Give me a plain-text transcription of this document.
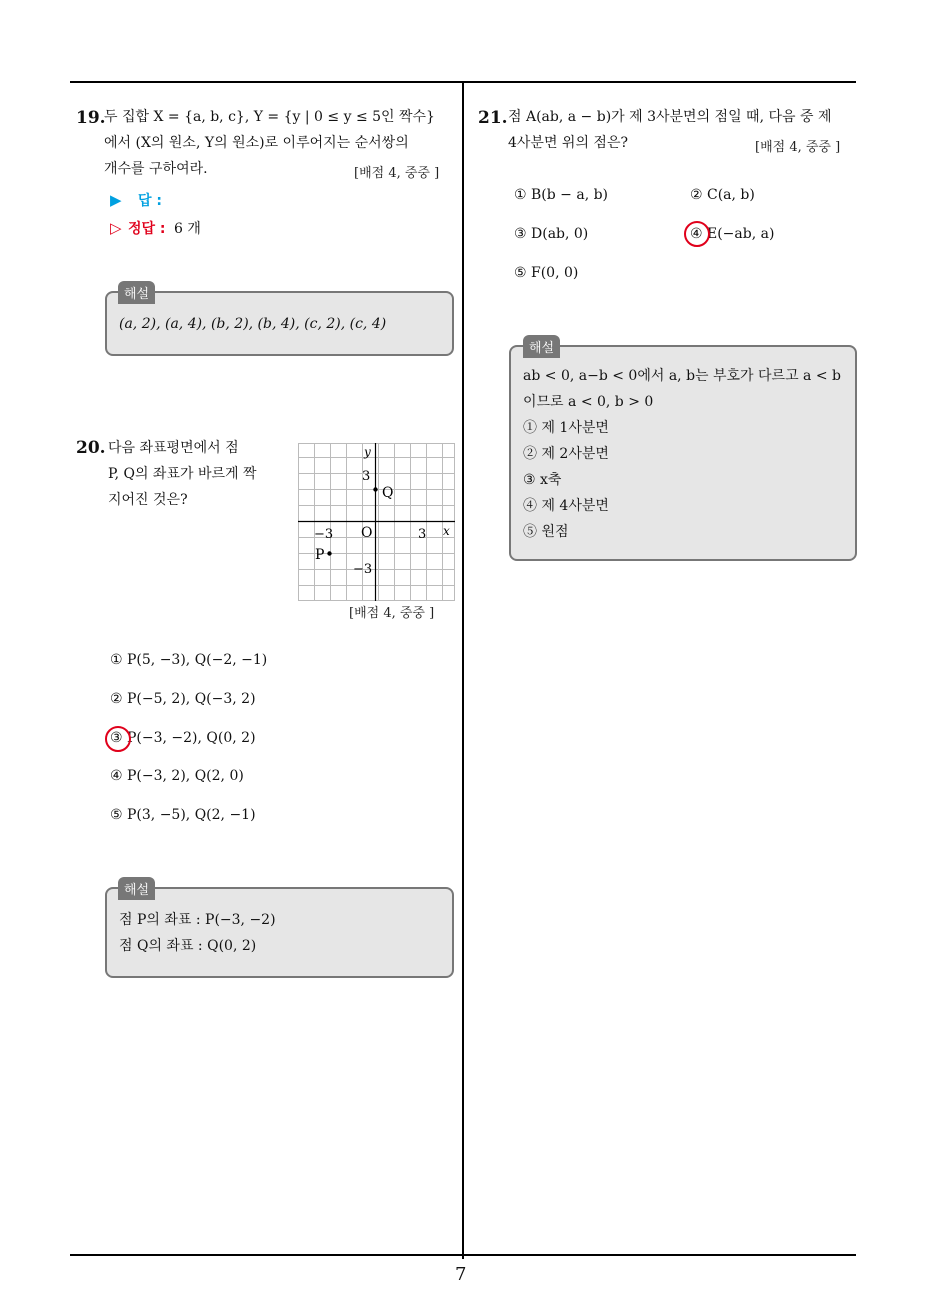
7
19.
두 집합 X = {a, b, c}, Y = {y | 0 ≤ y ≤ 5인 짝수}
에서 (X의 원소, Y의 원소)로 이루어지는 순서쌍의
개수를 구하여라.	[배점 4, 중중 ]
▶ 답 :
▷ 정답 : 6 개
(a, 2), (a, 4), (b, 2), (b, 4), (c, 2), (c, 4)
해설
20. 다음 좌표평면에서 점
P, Q의 좌표가 바르게 짝
지어진 것은?
y
3
Q
−3 O	3 x
P
−3
[배점 4, 중중 ]
① P(5, −3), Q(−2, −1)
② P(−5, 2), Q(−3, 2)
③ P(−3, −2), Q(0, 2)
④ P(−3, 2), Q(2, 0)
⑤ P(3, −5), Q(2, −1)
점 P의 좌표 : P(−3, −2)
점 Q의 좌표 : Q(0, 2)
해설
21. 점 A(ab, a − b)가 제 3사분면의 점일 때, 다음 중 제
4사분면 위의 점은?	[배점 4, 중중 ]
① B(b − a, b)	② C(a, b)
③ D(ab, 0)	④ E(−ab, a)
⑤ F(0, 0)
ab < 0, a−b < 0에서 a, b는 부호가 다르고 a < b
이므로 a < 0, b > 0
① 제 1사분면
② 제 2사분면
③ x축
④ 제 4사분면
⑤ 원점
해설
